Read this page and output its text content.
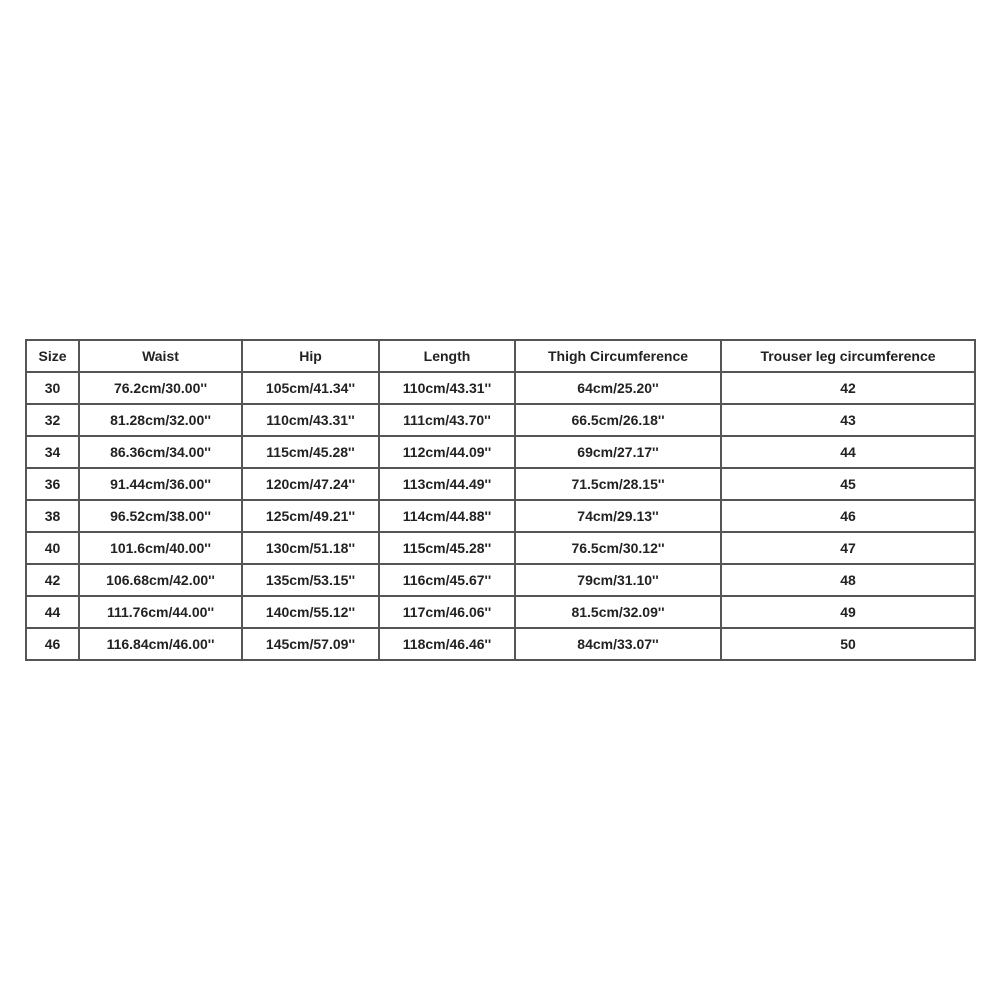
Size	Waist	Hip	Length	Thigh Circumference	Trouser leg circumference
30	76.2cm/30.00''	105cm/41.34''	110cm/43.31''	64cm/25.20''	42
32	81.28cm/32.00''	110cm/43.31''	111cm/43.70''	66.5cm/26.18''	43
34	86.36cm/34.00''	115cm/45.28''	112cm/44.09''	69cm/27.17''	44
36	91.44cm/36.00''	120cm/47.24''	113cm/44.49''	71.5cm/28.15''	45
38	96.52cm/38.00''	125cm/49.21''	114cm/44.88''	74cm/29.13''	46
40	101.6cm/40.00''	130cm/51.18''	115cm/45.28''	76.5cm/30.12''	47
42	106.68cm/42.00''	135cm/53.15''	116cm/45.67''	79cm/31.10''	48
44	111.76cm/44.00''	140cm/55.12''	117cm/46.06''	81.5cm/32.09''	49
46	116.84cm/46.00''	145cm/57.09''	118cm/46.46''	84cm/33.07''	50
